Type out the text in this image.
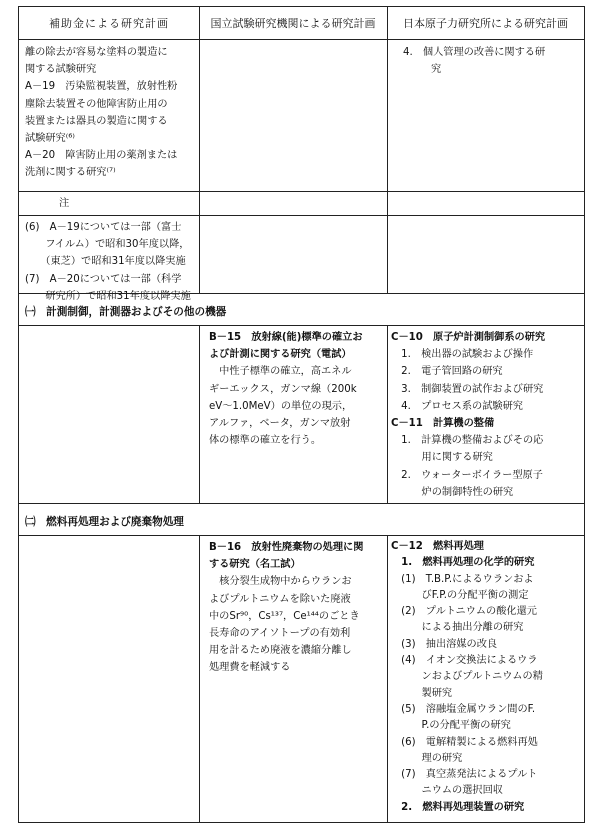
補助金による研究計画	国立試験研究機関による研究計画	日本原子力研究所による研究計画
離の除去が容易な塗料の製造に
関する試験研究
A－19　汚染監視装置，放射性粉
塵除去装置その他障害防止用の
装置または器具の製造に関する
試験研究⁽⁶⁾
A－20　障害防止用の薬剤または
洗剤に関する研究⁽⁷⁾
4.　個人管理の改善に関する研
究
注
(6)　A－19については一部（富士
　　フイルム）で昭和30年度以降，
　　（東芝）で昭和31年度以降実施
(7)　A－20については一部（科学
　　研究所）で昭和31年度以降実施
㈠　計測制御，計測器およびその他の機器
B－15　放射線(能)標準の確立お
よび計測に関する研究（電試）
　中性子標準の確立，高エネル
ギーエックス，ガンマ線（200k
eV～1.0MeV）の単位の現示，
アルファ，ベータ，ガンマ放射
体の標準の確立を行う。
C－10　原子炉計測制御系の研究
　1.　検出器の試験および操作
　2.　電子管回路の研究
　3.　制御装置の試作および研究
　4.　プロセス系の試験研究
C－11　計算機の整備
　1.　計算機の整備およびその応
　　　用に関する研究
　2.　ウォーターボイラー型原子
　　　炉の制御特性の研究
㈡　燃料再処理および廃棄物処理
B－16　放射性廃棄物の処理に関
する研究（名工試）
　核分裂生成物中からウランお
よびプルトニウムを除いた廃液
中のSr⁹⁰，Cs¹³⁷，Ce¹⁴⁴のごとき
長寿命のアイソトープの有効利
用を計るため廃液を濃縮分離し
処理費を軽減する
C－12　燃料再処理
　1.　燃料再処理の化学的研究
　(1)　T.B.P.によるウランおよ
　　　びF.P.の分配平衡の測定
　(2)　プルトニウムの酸化還元
　　　による抽出分離の研究
　(3)　抽出溶媒の改良
　(4)　イオン交換法によるウラ
　　　ンおよびプルトニウムの精
　　　製研究
　(5)　溶融塩金属ウラン間のF.
　　　P.の分配平衡の研究
　(6)　電解精製による燃料再処
　　　理の研究
　(7)　真空蒸発法によるプルト
　　　ニウムの選択回収
　2.　燃料再処理装置の研究
